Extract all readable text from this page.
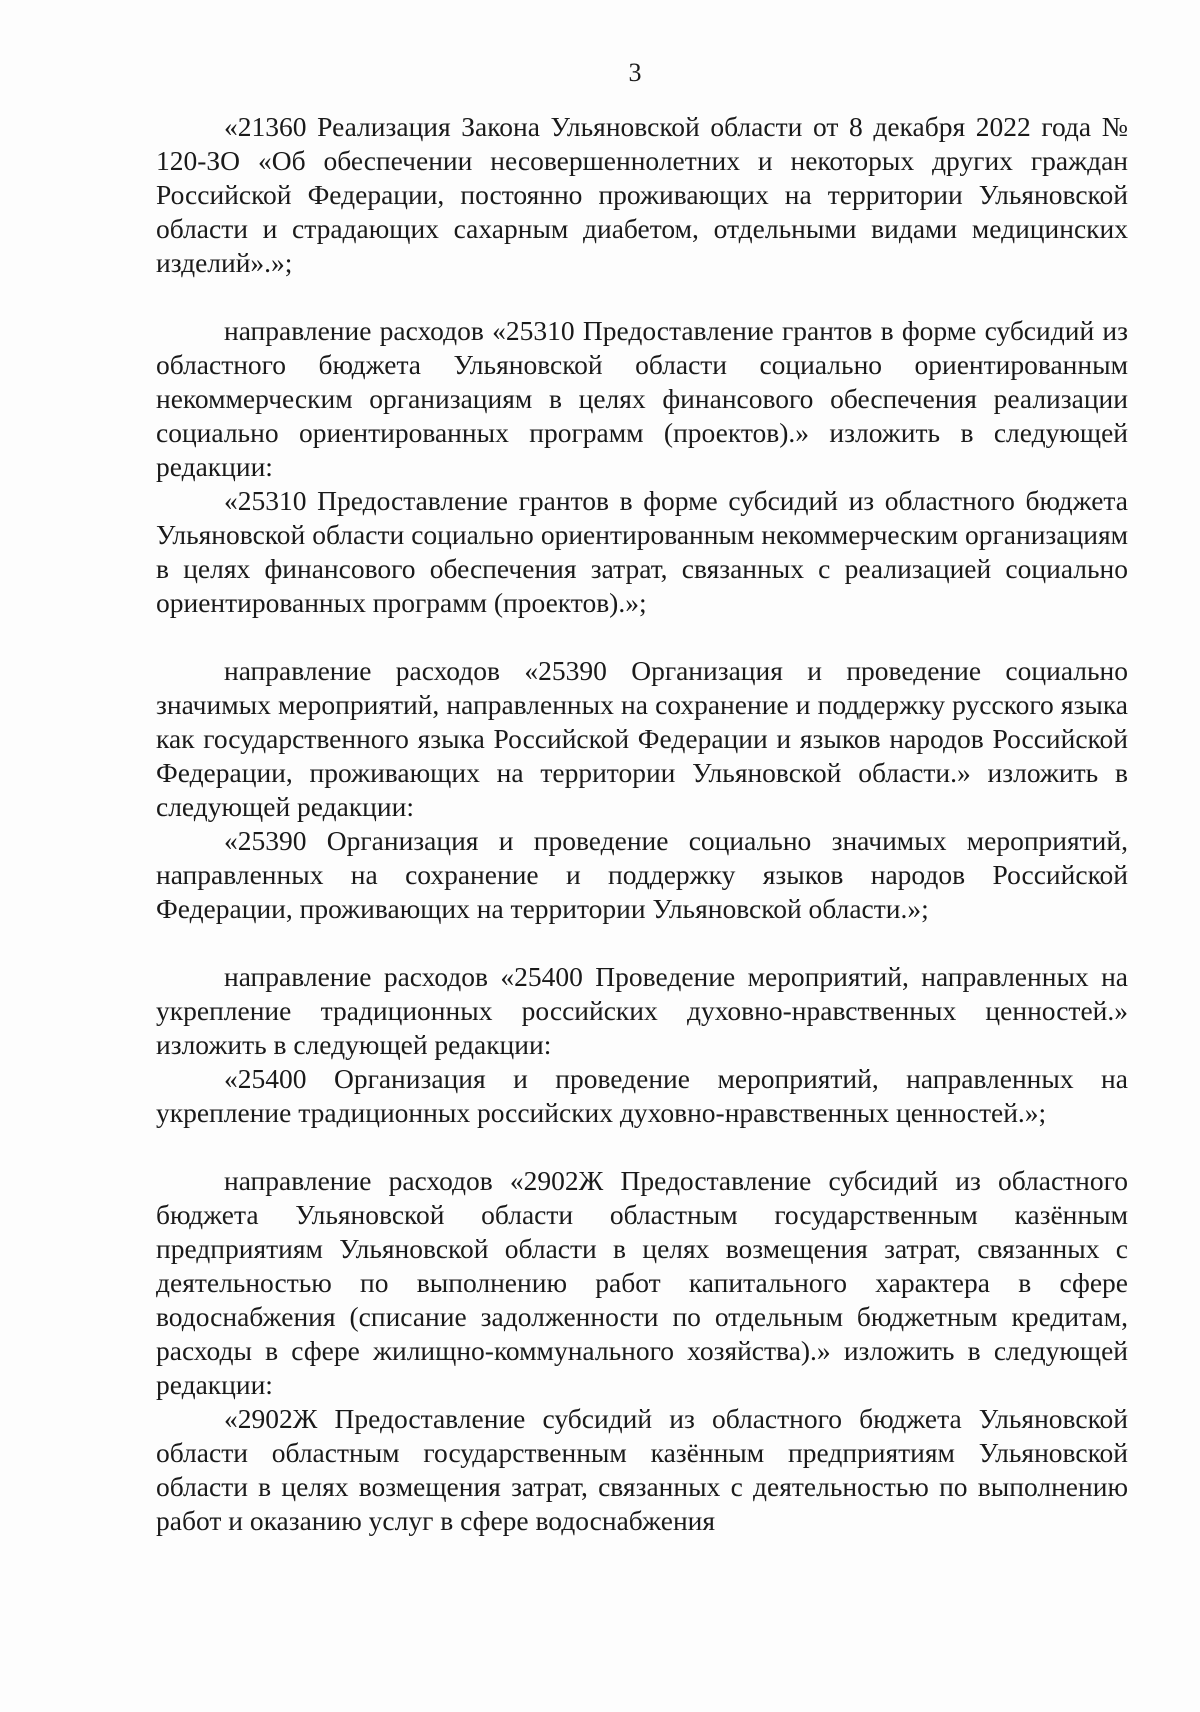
3

«21360 Реализация Закона Ульяновской области от 8 декабря 2022 года № 120-ЗО «Об обеспечении несовершеннолетних и некоторых других граждан Российской Федерации, постоянно проживающих на территории Ульяновской области и страдающих сахарным диабетом, отдельными видами медицинских изделий».»;

направление расходов «25310 Предоставление грантов в форме субсидий из областного бюджета Ульяновской области социально ориентированным некоммерческим организациям в целях финансового обеспечения реализации социально ориентированных программ (проектов).» изложить в следующей редакции:

«25310 Предоставление грантов в форме субсидий из областного бюджета Ульяновской области социально ориентированным некоммерческим организациям в целях финансового обеспечения затрат, связанных с реализацией социально ориентированных программ (проектов).»;

направление расходов «25390 Организация и проведение социально значимых мероприятий, направленных на сохранение и поддержку русского языка как государственного языка Российской Федерации и языков народов Российской Федерации, проживающих на территории Ульяновской области.» изложить в следующей редакции:

«25390 Организация и проведение социально значимых мероприятий, направленных на сохранение и поддержку языков народов Российской Федерации, проживающих на территории Ульяновской области.»;

направление расходов «25400 Проведение мероприятий, направленных на укрепление традиционных российских духовно-нравственных ценностей.» изложить в следующей редакции:

«25400 Организация и проведение мероприятий, направленных на укрепление традиционных российских духовно-нравственных ценностей.»;

направление расходов «2902Ж Предоставление субсидий из областного бюджета Ульяновской области областным государственным казённым предприятиям Ульяновской области в целях возмещения затрат, связанных с деятельностью по выполнению работ капитального характера в сфере водоснабжения (списание задолженности по отдельным бюджетным кредитам, расходы в сфере жилищно-коммунального хозяйства).» изложить в следующей редакции:

«2902Ж Предоставление субсидий из областного бюджета Ульяновской области областным государственным казённым предприятиям Ульяновской области в целях возмещения затрат, связанных с деятельностью по выполнению работ и оказанию услуг в сфере водоснабжения
